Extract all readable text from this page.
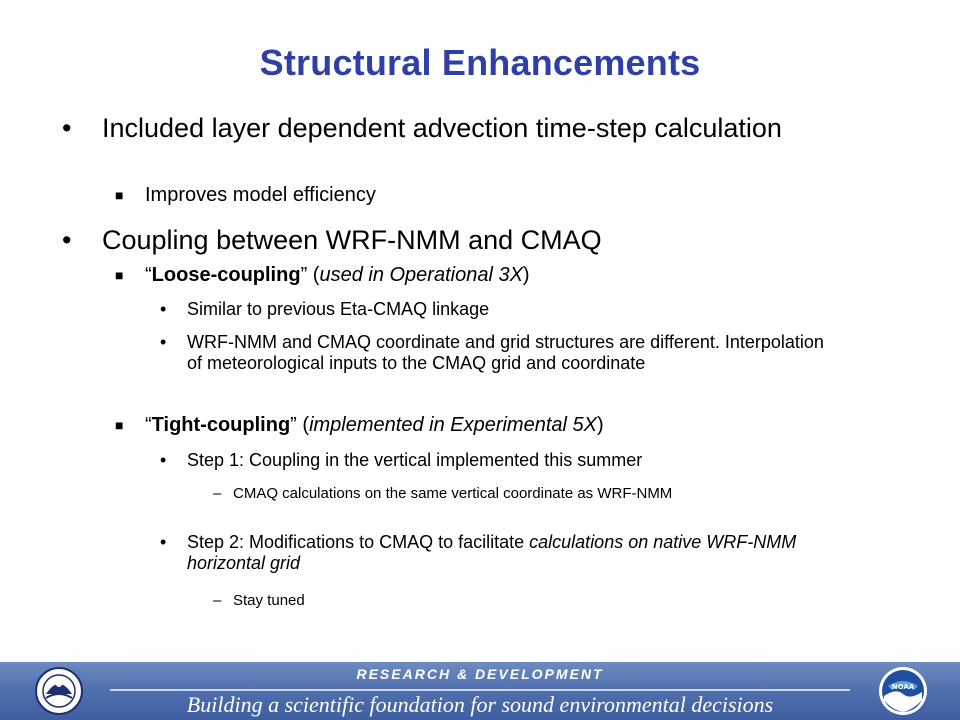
Structural Enhancements
• Included layer dependent advection time-step calculation
■ Improves model efficiency
• Coupling between WRF-NMM and CMAQ
■ “Loose-coupling” (used in Operational 3X)
• Similar to previous Eta-CMAQ linkage
• WRF-NMM and CMAQ coordinate and grid structures are different. Interpolation of meteorological inputs to the CMAQ grid and coordinate
■ “Tight-coupling” (implemented in Experimental 5X)
• Step 1: Coupling in the vertical implemented this summer
– CMAQ calculations on the same vertical coordinate as WRF-NMM
• Step 2: Modifications to CMAQ to facilitate calculations on native WRF-NMM horizontal grid
– Stay tuned
RESEARCH & DEVELOPMENT
Building a scientific foundation for sound environmental decisions
NOAA
